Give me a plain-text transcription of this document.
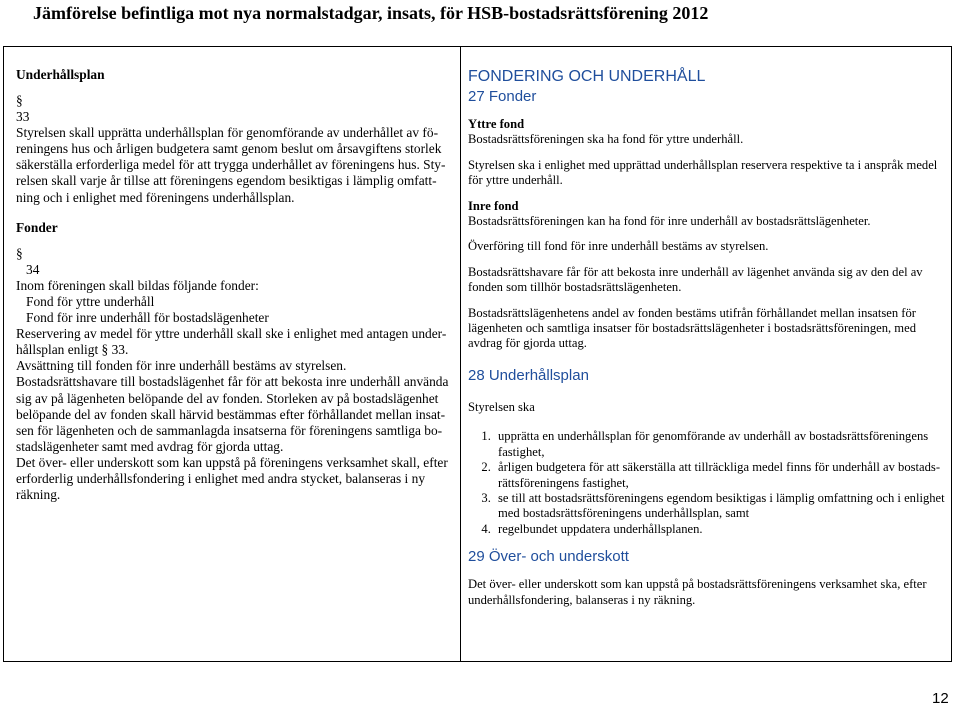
Jämförelse befintliga mot nya normalstadgar, insats, för HSB-bostadsrättsförening 2012

Underhållsplan

§

33

Styrelsen skall upprätta underhållsplan för genomförande av underhållet av fö-

reningens hus och årligen budgetera samt genom beslut om årsavgiftens storlek

säkerställa erforderliga medel för att trygga underhållet av föreningens hus. Sty-

relsen skall varje år tillse att föreningens egendom besiktigas i lämplig omfatt-

ning och i enlighet med föreningens underhållsplan.

Fonder

§

34

Inom föreningen skall bildas följande fonder:

Fond för yttre underhåll

Fond för inre underhåll för bostadslägenheter

Reservering av medel för yttre underhåll skall ske i enlighet med antagen under-

hållsplan enligt § 33.

Avsättning till fonden för inre underhåll bestäms av styrelsen.

Bostadsrättshavare till bostadslägenhet får för att bekosta inre underhåll använda

sig av på lägenheten belöpande del av fonden. Storleken av på bostadslägenhet

belöpande del av fonden skall härvid bestämmas efter förhållandet mellan insat-

sen för lägenheten och de sammanlagda insatserna för föreningens samtliga bo-

stadslägenheter samt med avdrag för gjorda uttag.

Det över- eller underskott som kan uppstå på föreningens verksamhet skall, efter

erforderlig underhållsfondering i enlighet med andra stycket, balanseras i ny

räkning.

FONDERING OCH UNDERHÅLL

27 Fonder

Yttre fond

Bostadsrättsföreningen ska ha fond för yttre underhåll.

Styrelsen ska i enlighet med upprättad underhållsplan reservera respektive ta i anspråk medel för yttre underhåll.

Inre fond

Bostadsrättsföreningen kan ha fond för inre underhåll av bostadsrättslägenheter.

Överföring till fond för inre underhåll bestäms av styrelsen.

Bostadsrättshavare får för att bekosta inre underhåll av lägenhet använda sig av den del av fonden som tillhör bostadsrättslägenheten.

Bostadsrättslägenhetens andel av fonden bestäms utifrån förhållandet mellan insatsen för lägenheten och samtliga insatser för bostadsrättslägenheter i bostadsrättsföreningen, med avdrag för gjorda uttag.

28 Underhållsplan

Styrelsen ska

1. upprätta en underhållsplan för genomförande av underhåll av bostadsrättsföreningens fastighet,
2. årligen budgetera för att säkerställa att tillräckliga medel finns för underhåll av bostads-rättsföreningens fastighet,
3. se till att bostadsrättsföreningens egendom besiktigas i lämplig omfattning och i enlighet med bostadsrättsföreningens underhållsplan, samt
4. regelbundet uppdatera underhållsplanen.

29 Över- och underskott

Det över- eller underskott som kan uppstå på bostadsrättsföreningens verksamhet ska, efter underhållsfondering, balanseras i ny räkning.

12
